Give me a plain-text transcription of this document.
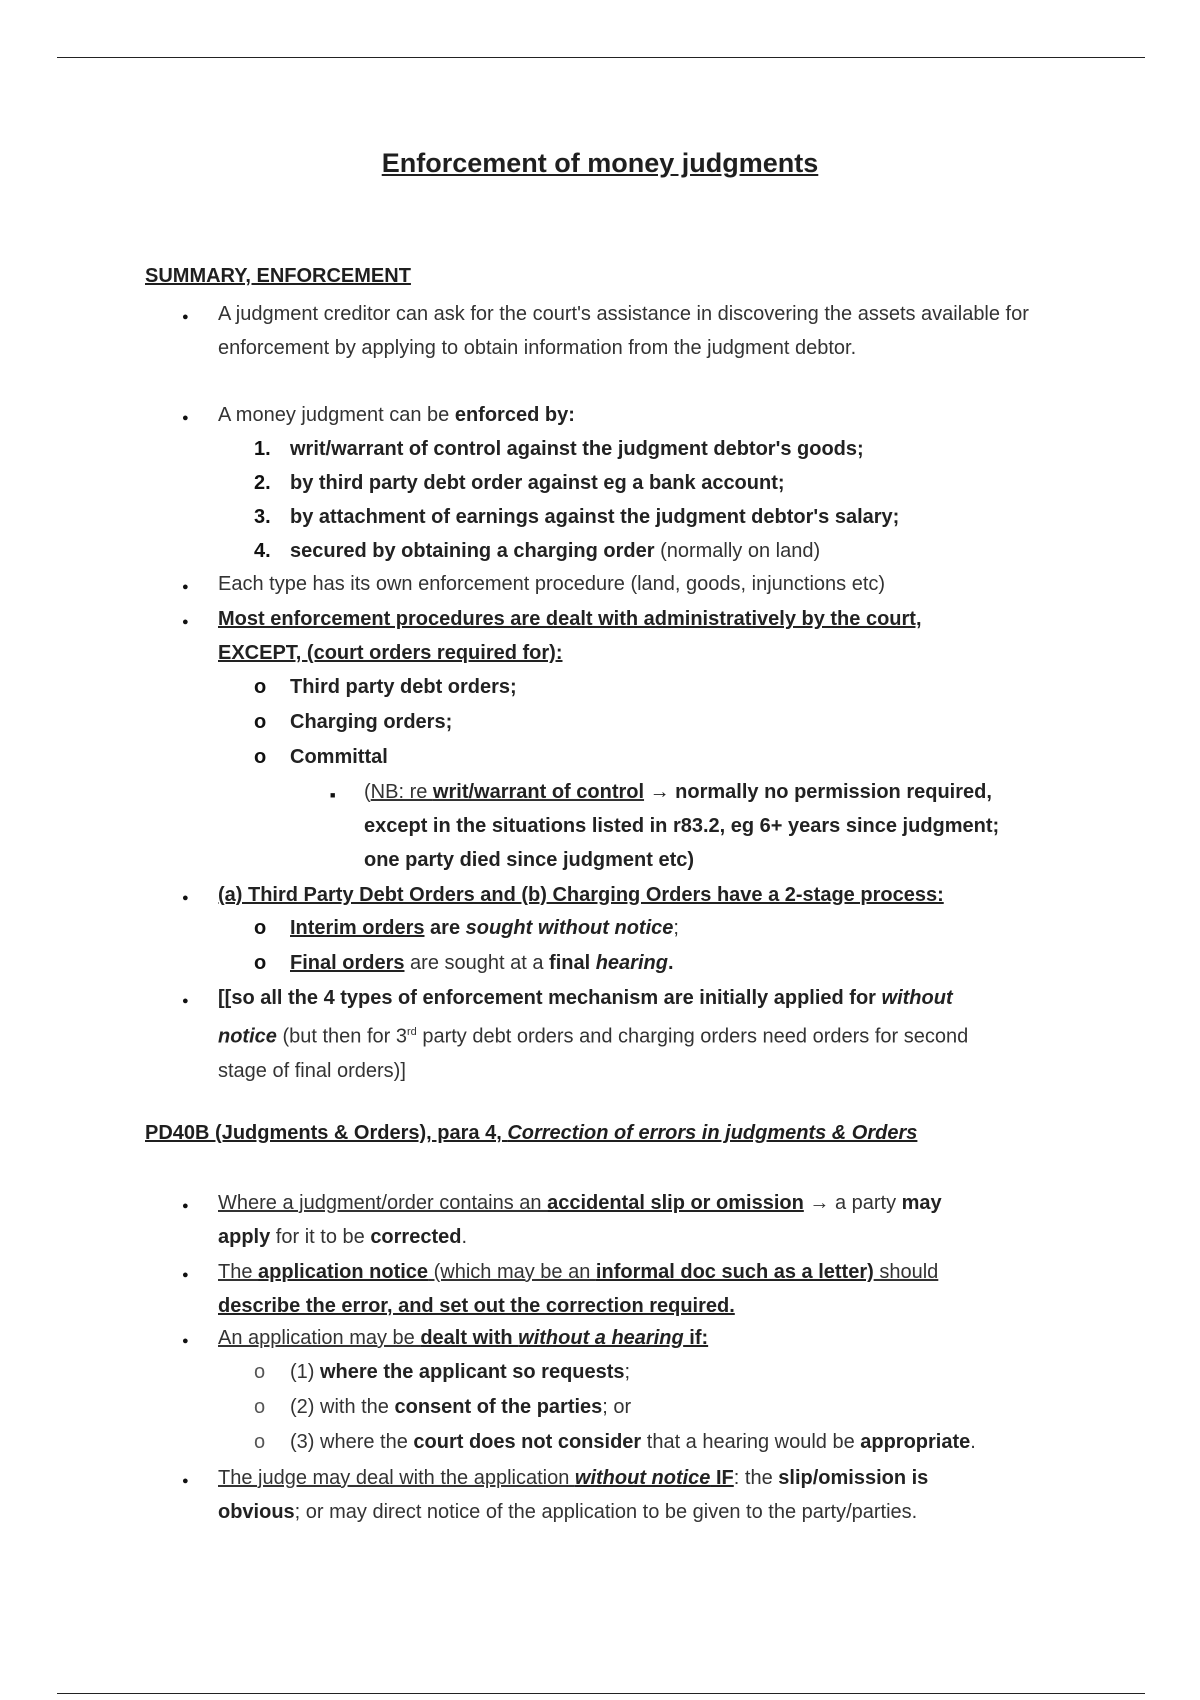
Enforcement of money judgments
SUMMARY, ENFORCEMENT
●
A judgment creditor can ask for the court's assistance in discovering the assets available for enforcement by applying to obtain information from the judgment debtor.
●
A money judgment can be enforced by:
1. writ/warrant of control against the judgment debtor's goods;
2. by third party debt order against eg a bank account;
3. by attachment of earnings against the judgment debtor's salary;
4. secured by obtaining a charging order (normally on land)
●
Each type has its own enforcement procedure (land, goods, injunctions etc)
●
Most enforcement procedures are dealt with administratively by the court,
EXCEPT, (court orders required for):
o
Third party debt orders;
o
Charging orders;
o
Committal
■
(NB: re writ/warrant of control → normally no permission required,
except in the situations listed in r83.2, eg 6+ years since judgment;
one party died since judgment etc)
●
(a) Third Party Debt Orders and (b) Charging Orders have a 2-stage process:
o
Interim orders are sought without notice;
o
Final orders are sought at a final hearing.
●
[[so all the 4 types of enforcement mechanism are initially applied for without
notice (but then for 3rd party debt orders and charging orders need orders for second
stage of final orders)]
PD40B (Judgments & Orders), para 4, Correction of errors in judgments & Orders
●
Where a judgment/order contains an accidental slip or omission → a party may
apply for it to be corrected.
●
The application notice (which may be an informal doc such as a letter) should
describe the error, and set out the correction required.
●
An application may be dealt with without a hearing if:
o
(1) where the applicant so requests;
o
(2) with the consent of the parties; or
o
(3) where the court does not consider that a hearing would be appropriate.
●
The judge may deal with the application without notice IF: the slip/omission is
obvious; or may direct notice of the application to be given to the party/parties.
